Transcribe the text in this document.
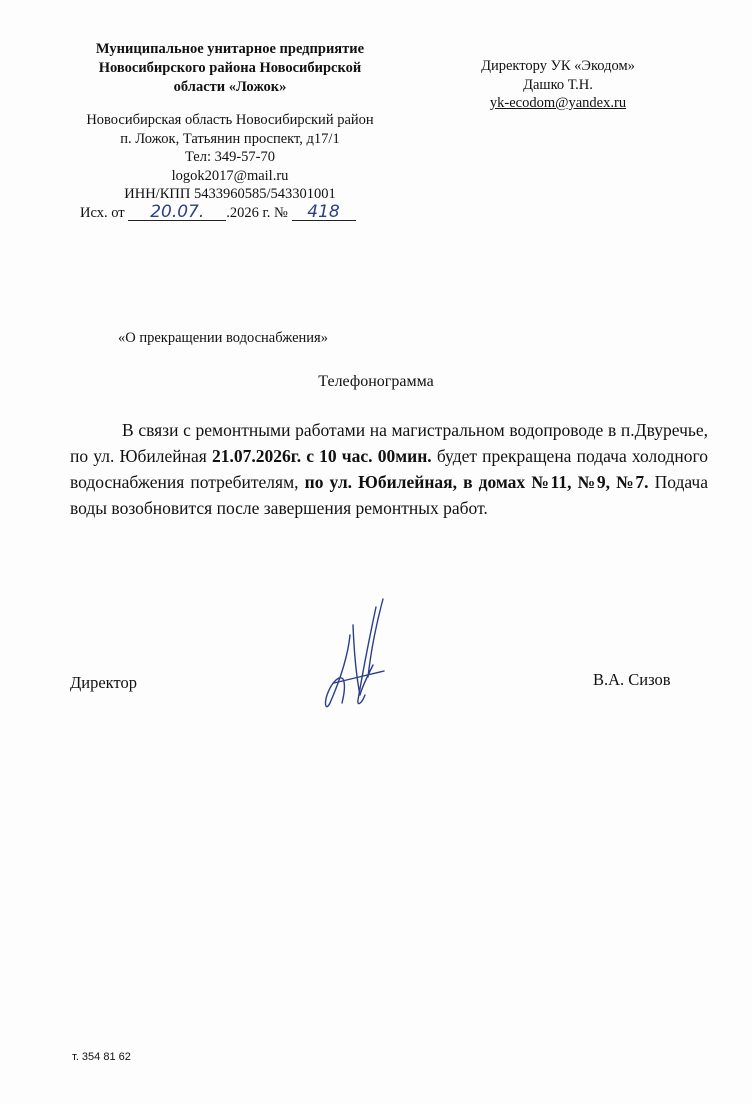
Муниципальное унитарное предприятие
Новосибирского района Новосибирской
области «Ложок»
Новосибирская область Новосибирский район
п. Ложок, Татьянин проспект, д17/1
Тел: 349-57-70
logok2017@mail.ru
ИНН/КПП 5433960585/543301001
Исх. от 20.07. .2026 г. № 418
Директору УК «Экодом»
Дашко Т.Н.
yk-ecodom@yandex.ru
«О прекращении водоснабжения»
Телефонограмма
В связи с ремонтными работами на магистральном водопроводе в п.Двуречье, по ул. Юбилейная 21.07.2026г. с 10 час. 00мин. будет прекращена подача холодного водоснабжения потребителям, по ул. Юбилейная, в домах №11, №9, №7. Подача воды возобновится после завершения ремонтных работ.
Директор	В.А. Сизов
т. 354 81 62
